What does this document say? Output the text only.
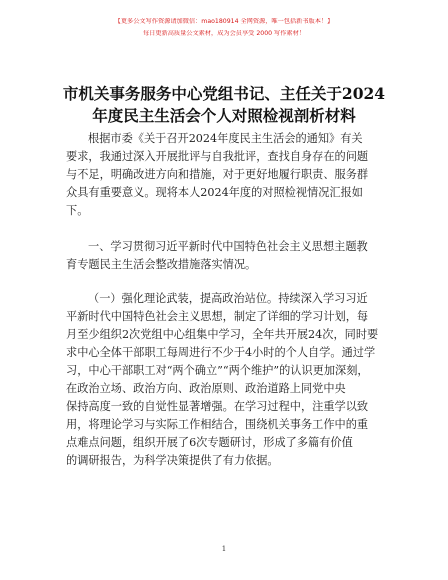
【更多公文写作资源请加微信：mao180914 全网资源，唯一包括新书版本！】
每日更新高质量公文素材，成为会员享受 2000 写作素材！
市机关事务服务中心党组书记、主任关于2024
年度民主生活会个人对照检视剖析材料
根据市委《关于召开2024年度民主生活会的通知》有关
要求，我通过深入开展批评与自我批评，查找自身存在的问题
与不足，明确改进方向和措施，对于更好地履行职责、服务群
众具有重要意义。现将本人2024年度的对照检视情况汇报如
下。
一、学习贯彻习近平新时代中国特色社会主义思想主题教
育专题民主生活会整改措施落实情况。
（一）强化理论武装，提高政治站位。持续深入学习习近
平新时代中国特色社会主义思想，制定了详细的学习计划，每
月至少组织2次党组中心组集中学习，全年共开展24次，同时要
求中心全体干部职工每周进行不少于4小时的个人自学。通过学
习，中心干部职工对“两个确立”“两个维护”的认识更加深刻，
在政治立场、政治方向、政治原则、政治道路上同党中央
保持高度一致的自觉性显著增强。在学习过程中，注重学以致
用，将理论学习与实际工作相结合，围绕机关事务工作中的重
点难点问题，组织开展了6次专题研讨，形成了多篇有价值
的调研报告，为科学决策提供了有力依据。
1
